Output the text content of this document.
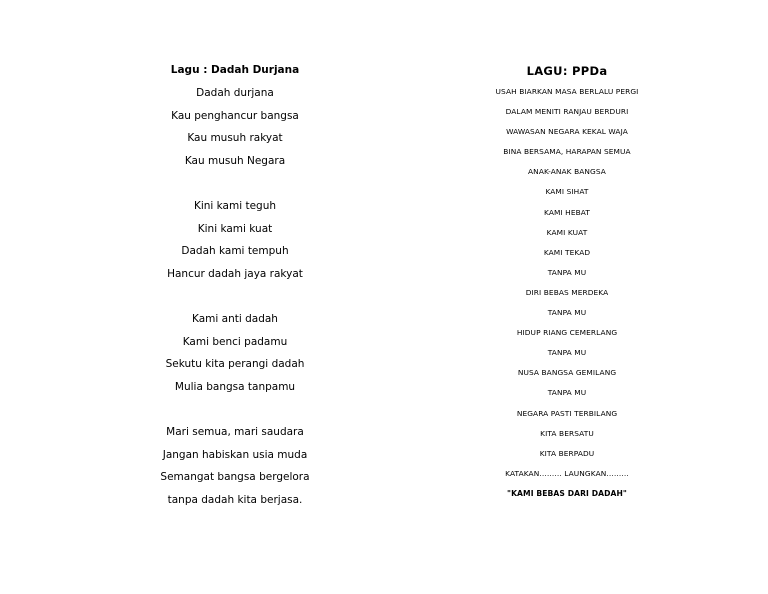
Lagu : Dadah Durjana
Dadah durjana
Kau penghancur bangsa
Kau musuh rakyat
Kau musuh Negara
Kini kami teguh
Kini kami kuat
Dadah kami tempuh
Hancur dadah jaya rakyat
Kami anti dadah
Kami benci padamu
Sekutu kita perangi dadah
Mulia bangsa tanpamu
Mari semua, mari saudara
Jangan habiskan usia muda
Semangat bangsa bergelora
tanpa dadah kita berjasa.
LAGU: PPDa
USAH BIARKAN MASA BERLALU PERGI
DALAM MENITI RANJAU BERDURI
WAWASAN NEGARA KEKAL WAJA
BINA BERSAMA, HARAPAN SEMUA
ANAK-ANAK BANGSA
KAMI SIHAT
KAMI HEBAT
KAMI KUAT
KAMI TEKAD
TANPA MU
DIRI BEBAS MERDEKA
TANPA MU
HIDUP RIANG CEMERLANG
TANPA MU
NUSA BANGSA GEMILANG
TANPA MU
NEGARA PASTI TERBILANG
KITA BERSATU
KITA BERPADU
KATAKAN……… LAUNGKAN………
"KAMI BEBAS DARI DADAH"
